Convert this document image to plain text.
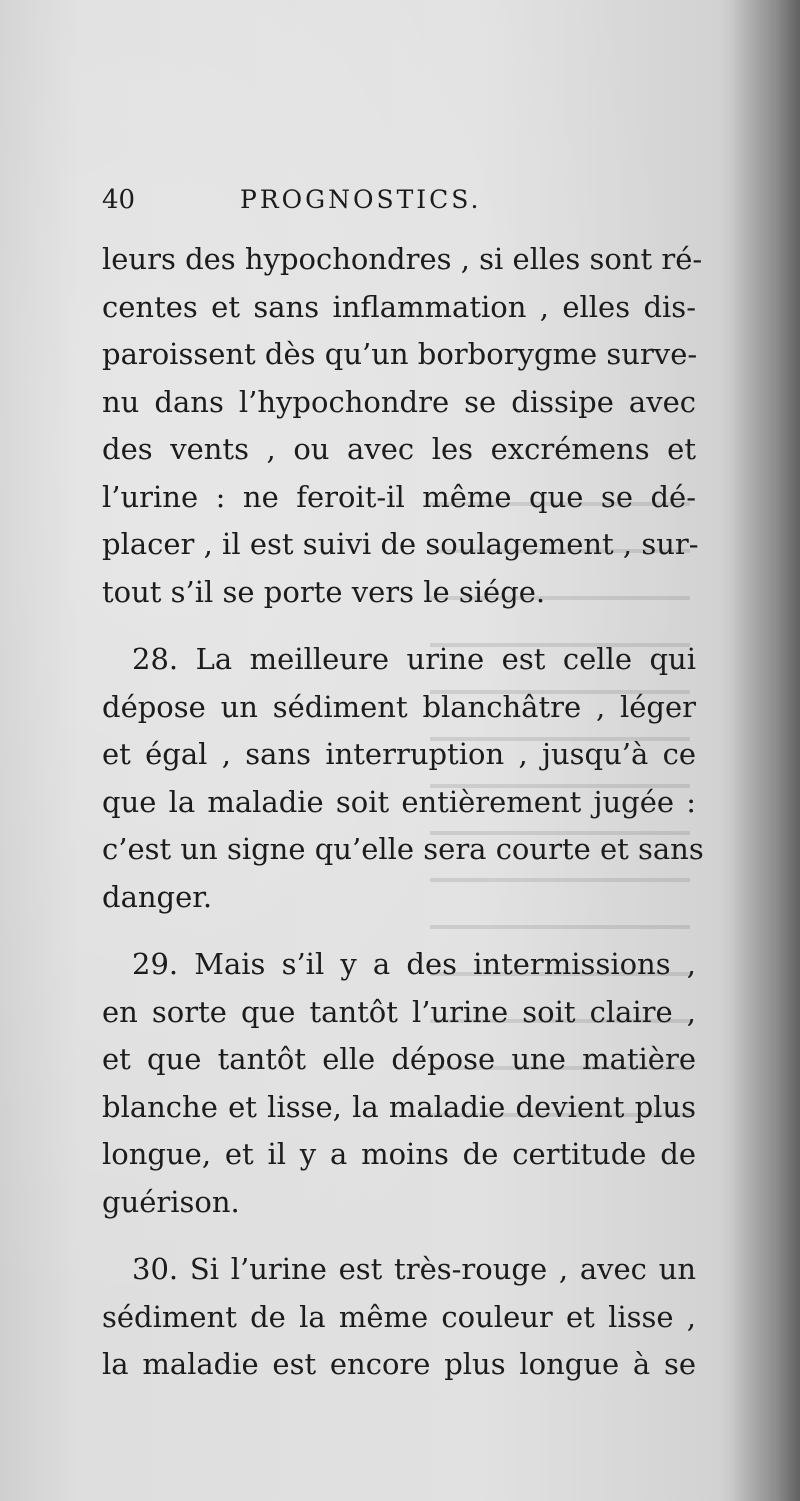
40	PROGNOSTICS.
leurs des hypochondres , si elles sont ré-
centes et sans inflammation , elles dis-
paroissent dès qu’un borborygme surve-
nu dans l’hypochondre se dissipe avec
des vents , ou avec les excrémens et
l’urine : ne feroit-il même que se dé-
placer , il est suivi de soulagement , sur-
tout s’il se porte vers le siége.
28. La meilleure urine est celle qui
dépose un sédiment blanchâtre , léger
et égal , sans interruption , jusqu’à ce
que la maladie soit entièrement jugée :
c’est un signe qu’elle sera courte et sans
danger.
29. Mais s’il y a des intermissions ,
en sorte que tantôt l’urine soit claire ,
et que tantôt elle dépose une matière
blanche et lisse, la maladie devient plus
longue, et il y a moins de certitude de
guérison.
30. Si l’urine est très-rouge , avec un
sédiment de la même couleur et lisse ,
la maladie est encore plus longue à se
